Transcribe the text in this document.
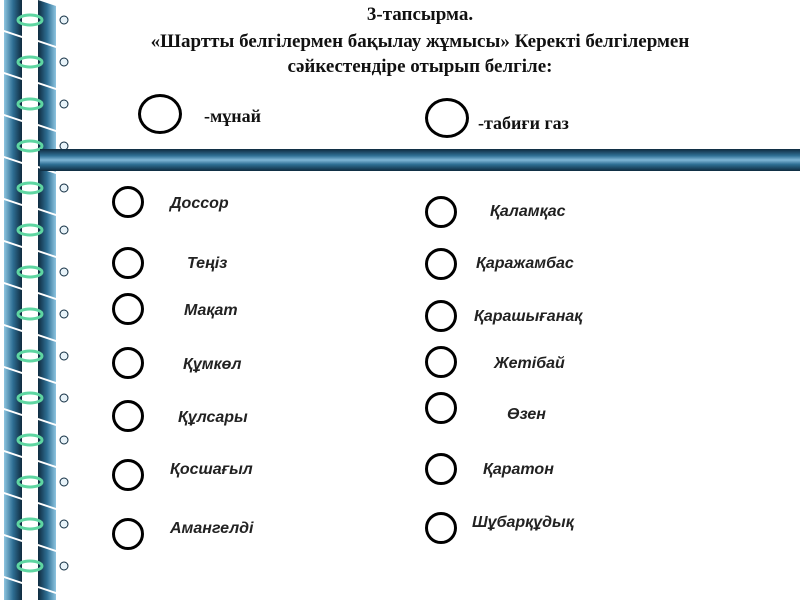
3-тапсырма.
«Шартты белгілермен бақылау жұмысы» Керекті белгілермен
сәйкестендіре отырып белгіле:
-мұнай	-табиғи газ
Доссор
Теңіз
Мақат
Құмкөл
Құлсары
Қосшағыл
Амангелді
Қаламқас
Қаражамбас
Қарашығанақ
Жетібай
Өзен
Қаратон
Шұбарқұдық
